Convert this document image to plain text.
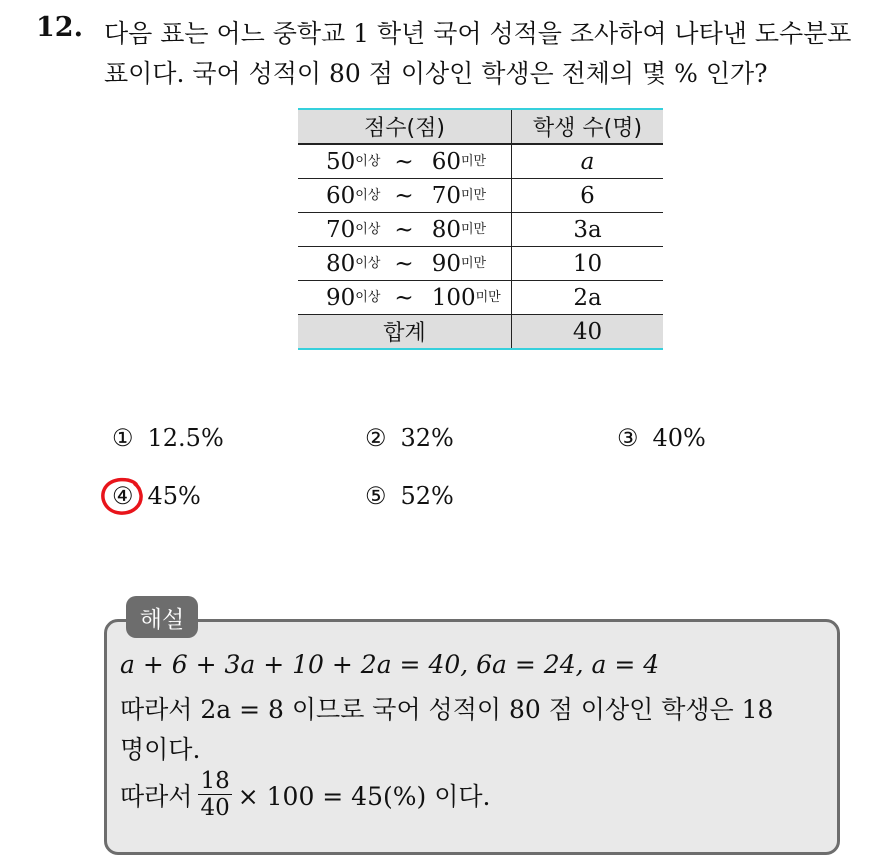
12. 다음 표는 어느 중학교 1 학년 국어 성적을 조사하여 나타낸 도수분포
표이다. 국어 성적이 80 점 이상인 학생은 전체의 몇 % 인가?
점수(점)	학생 수(명)

$50^{이상}$ ~ $60^{미만}$	a

$60^{이상}$ ~ $70^{미만}$	6

$70^{이상}$ ~ $80^{미만}$	3a

$80^{이상}$ ~ $90^{미만}$	10

$90^{이상}$ ~ $100^{미만}$	2a
합계	40
① 12.5%	② 32%	③ 40%
④ 45%	⑤ 52%
해설
a + 6 + 3a + 10 + 2a = 40, 6a = 24, a = 4
따라서 2a = 8 이므로 국어 성적이 80 점 이상인 학생은 18
명이다.
따라서 $\frac{18}{40} \times 100 = 45(\%)$ 이다.
